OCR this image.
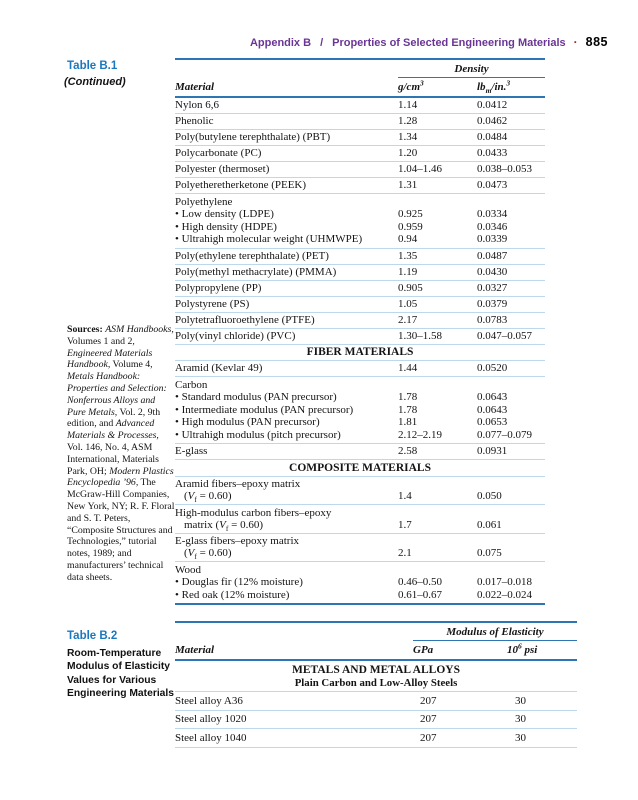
Appendix B / Properties of Selected Engineering Materials · 885
Table B.1
(Continued)

Sources: ASM Handbooks, Volumes 1 and 2, Engineered Materials Handbook, Volume 4, Metals Handbook: Properties and Selection: Nonferrous Alloys and Pure Metals, Vol. 2, 9th edition, and Advanced Materials & Processes, Vol. 146, No. 4, ASM International, Materials Park, OH; Modern Plastics Encyclopedia ’96, The McGraw-Hill Companies, New York, NY; R. F. Floral and S. T. Peters, “Composite Structures and Technologies,” tutorial notes, 1989; and manufacturers’ technical data sheets.

Table B.2
Room-Temperature Modulus of Elasticity Values for Various Engineering Materials
	Density	
Material	$g/cm^3$	$lb_m/in.^3$
Nylon 6,6	1.14	0.0412
Phenolic	1.28	0.0462
Poly(butylene terephthalate) (PBT)	1.34	0.0484
Polycarbonate (PC)	1.20	0.0433
Polyester (thermoset)	1.04–1.46	0.038–0.053
Polyetheretherketone (PEEK)	1.31	0.0473
Polyethylene		
• Low density (LDPE)	0.925	0.0334
• High density (HDPE)	0.959	0.0346
• Ultrahigh molecular weight (UHMWPE)	0.94	0.0339
Poly(ethylene terephthalate) (PET)	1.35	0.0487
Poly(methyl methacrylate) (PMMA)	1.19	0.0430
Polypropylene (PP)	0.905	0.0327
Polystyrene (PS)	1.05	0.0379
Polytetrafluoroethylene (PTFE)	2.17	0.0783
Poly(vinyl chloride) (PVC)	1.30–1.58	0.047–0.057
FIBER MATERIALS		
Aramid (Kevlar 49)	1.44	0.0520
Carbon		
• Standard modulus (PAN precursor)	1.78	0.0643
• Intermediate modulus (PAN precursor)	1.78	0.0643
• High modulus (PAN precursor)	1.81	0.0653
• Ultrahigh modulus (pitch precursor)	2.12–2.19	0.077–0.079
E-glass	2.58	0.0931
COMPOSITE MATERIALS		

Aramid fibers–epoxy matrix
$(V_f = 0.60)$	1.4	0.050

High-modulus carbon fibers–epoxy
matrix $(V_f = 0.60)$	1.7	0.061

E-glass fibers–epoxy matrix
$(V_f = 0.60)$	2.1	0.075
Wood		
• Douglas fir (12% moisture)	0.46–0.50	0.017–0.018
• Red oak (12% moisture)	0.61–0.67	0.022–0.024
	Modulus of Elasticity	
Material	GPa	$10^6$ psi
METALS AND METAL ALLOYS		
Plain Carbon and Low-Alloy Steels		
Steel alloy A36	207	30
Steel alloy 1020	207	30
Steel alloy 1040	207	30
